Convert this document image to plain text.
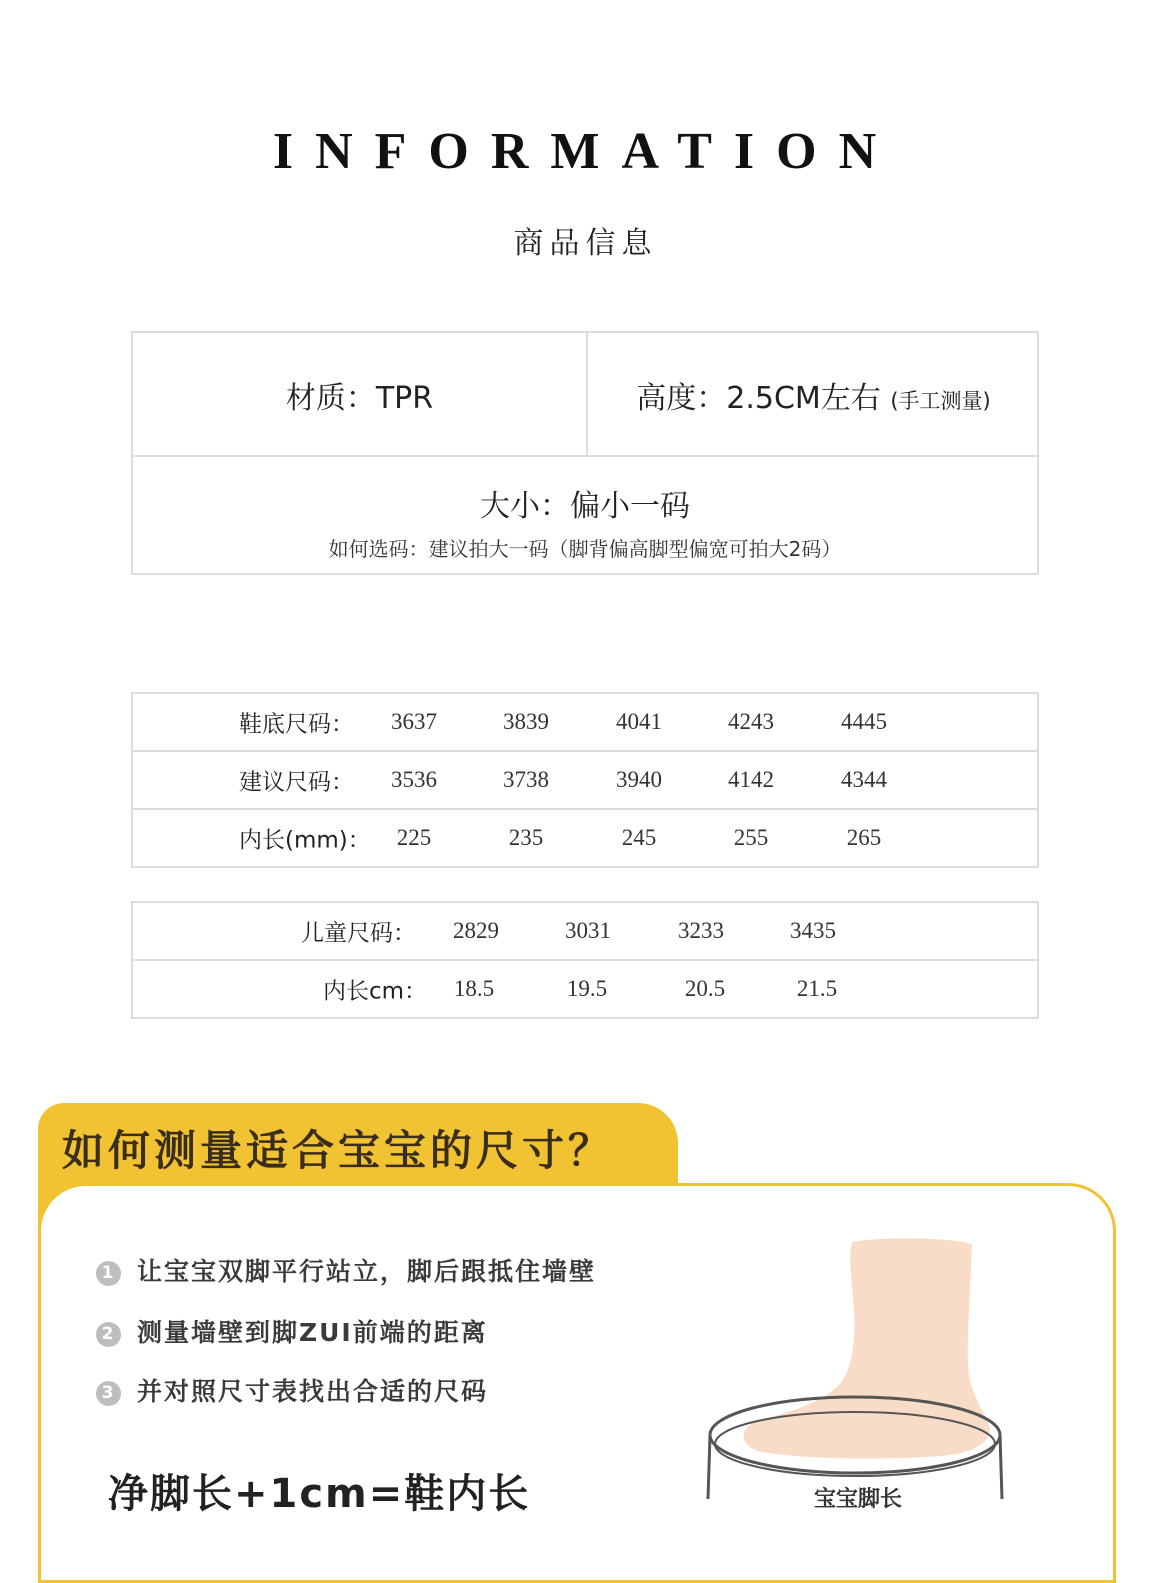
INFORMATION
商品信息
材质：TPR	高度：2.5CM左右 (手工测量)
大小：偏小一码
如何选码：建议拍大一码（脚背偏高脚型偏宽可拍大2码）
鞋底尺码：	3637	3839	4041	4243	4445
建议尺码：	3536	3738	3940	4142	4344
内长(mm)：	225	235	245	255	265
儿童尺码：	2829	3031	3233	3435
内长cm：	18.5	19.5	20.5	21.5
如何测量适合宝宝的尺寸？
1 让宝宝双脚平行站立，脚后跟抵住墙壁
2 测量墙壁到脚ZUI前端的距离
3 并对照尺寸表找出合适的尺码
净脚长+1cm=鞋内长	宝宝脚长
